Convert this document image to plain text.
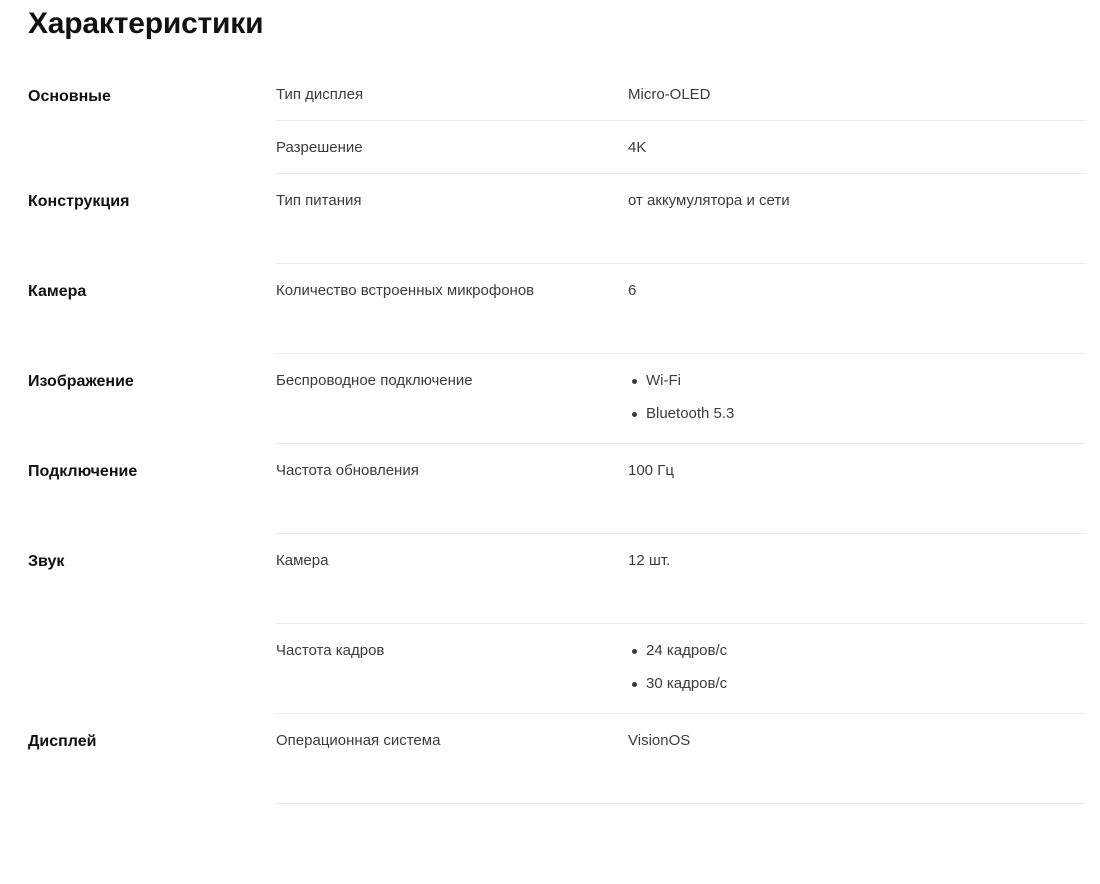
Характеристики
Основные	Тип дисплея	Micro-OLED
Разрешение	4K
Конструкция	Тип питания	от аккумулятора и сети
Камера	Количество встроенных микрофонов	6
Изображение	Беспроводное подключение	Wi-Fi
Bluetooth 5.3
Подключение	Частота обновления	100 Гц
Звук	Камера	12 шт.
Частота кадров	24 кадров/с
30 кадров/с
Дисплей	Операционная система	VisionOS
